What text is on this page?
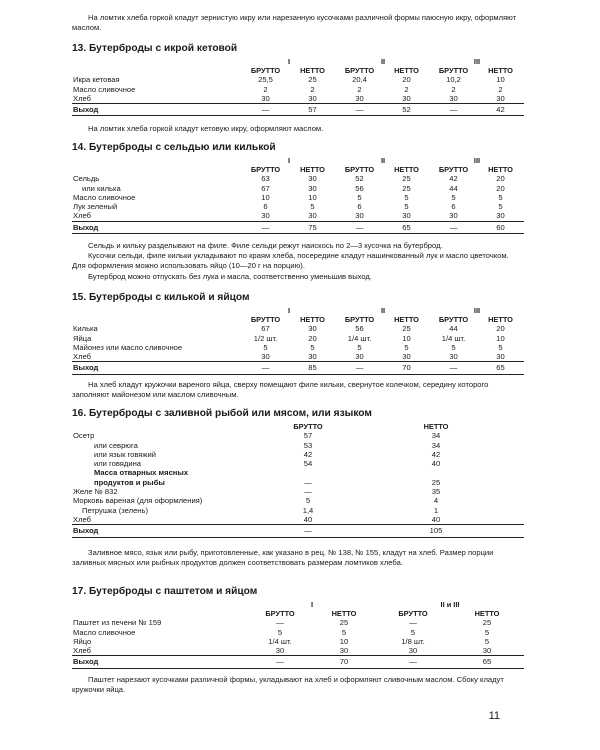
На ломтик хлеба горкой кладут зернистую икру или нарезанную кусочками различной формы паюсную икру, оформляют маслом.

13. Бутерброды с икрой кетовой
	I		II		III	
	БРУТТО	НЕТТО	БРУТТО	НЕТТО	БРУТТО	НЕТТО
Икра кетовая	25,5	25	20,4	20	10,2	10
Масло сливочное	2	2	2	2	2	2
Хлеб	30	30	30	30	30	30
Выход	—	57	—	52	—	42

На ломтик хлеба горкой кладут кетовую икру, оформляют маслом.

14. Бутерброды с сельдью или килькой
	I		II		III	
	БРУТТО	НЕТТО	БРУТТО	НЕТТО	БРУТТО	НЕТТО
Сельдь	63	30	52	25	42	20
или килька	67	30	56	25	44	20
Масло сливочное	10	10	5	5	5	5
Лук зеленый	6	5	6	5	6	5
Хлеб	30	30	30	30	30	30
Выход	—	75	—	65	—	60

Сельдь и кильку разделывают на филе. Филе сельди режут наискось по 2—3 кусочка на бутерброд.

Кусочки сельди, филе кильки укладывают по краям хлеба, посередине кладут нашинкованный лук и масло цветочком. Для оформления можно использовать яйцо (10—20 г на порцию).

Бутерброд можно отпускать без лука и масла, соответственно уменьшив выход.

15. Бутерброды с килькой и яйцом
	I		II		III	
	БРУТТО	НЕТТО	БРУТТО	НЕТТО	БРУТТО	НЕТТО
Килька	67	30	56	25	44	20
Яйца	1/2 шт.	20	1/4 шт.	10	1/4 шт.	10
Майонез или масло сливочное	5	5	5	5	5	5
Хлеб	30	30	30	30	30	30
Выход	—	85	—	70	—	65

На хлеб кладут кружочки вареного яйца, сверху помещают филе кильки, свернутое колечком, середину которого заполняют майонезом или маслом сливочным.

16. Бутерброды с заливной рыбой или мясом, или языком
	БРУТТО	НЕТТО
Осетр	57	34
или севрюга	53	34
или язык говяжий	42	42
или говядина	54	40
Масса отварных мясных		
продуктов и рыбы	—	25
Желе № 832	—	35
Морковь вареная (для оформления)	5	4
Петрушка (зелень)	1,4	1
Хлеб	40	40
Выход	—	105

Заливное мясо, язык или рыбу, приготовленные, как указано в рец. № 138, № 155, кладут на хлеб. Размер порции заливных мясных или рыбных продуктов должен соответствовать размерам ломтиков хлеба.

17. Бутерброды с паштетом и яйцом
	I		II и III	
	БРУТТО	НЕТТО	БРУТТО	НЕТТО
Паштет из печени № 159	—	25	—	25
Масло сливочное	5	5	5	5
Яйцо	1/4 шт.	10	1/8 шт.	5
Хлеб	30	30	30	30
Выход	—	70	—	65

Паштет нарезают кусочками различной формы, укладывают на хлеб и оформляют сливочным маслом. Сбоку кладут кружочки яйца.

11
